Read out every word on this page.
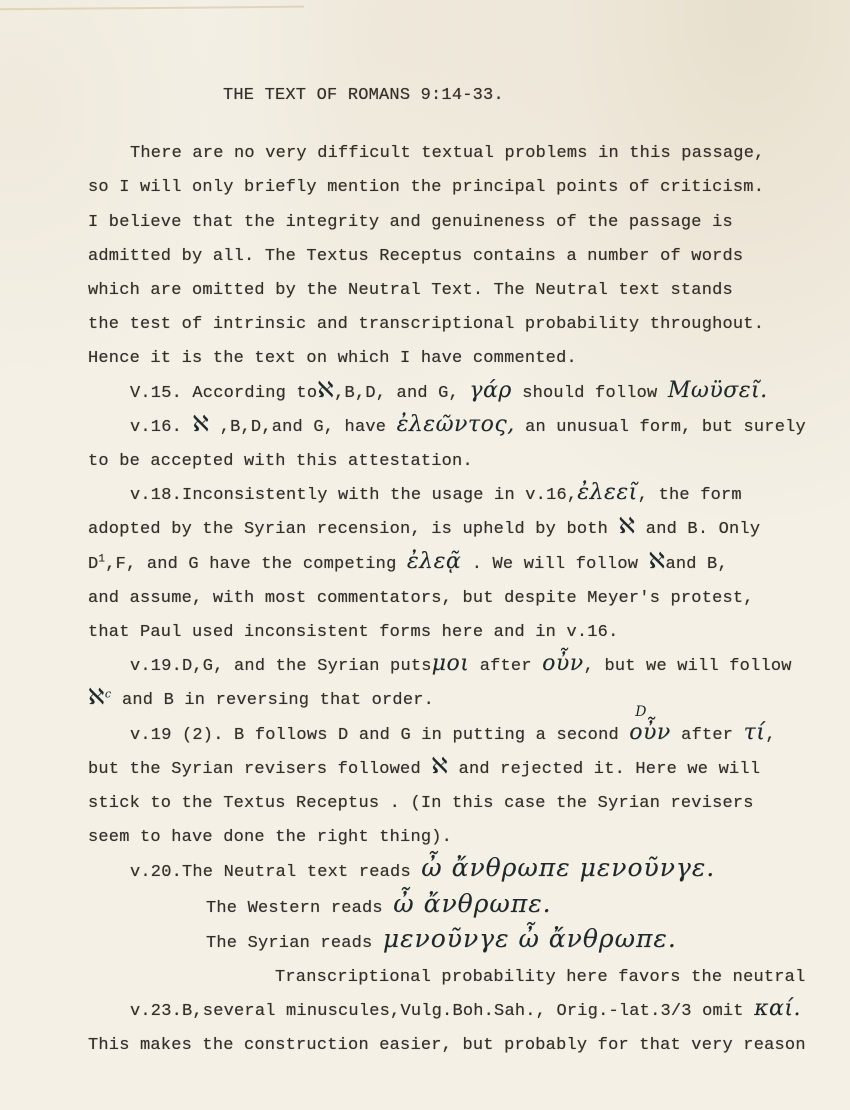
THE TEXT OF ROMANS 9:14-33.
There are no very difficult textual problems in this passage,
so I will only briefly mention the principal points of criticism.
I believe that the integrity and genuineness of the passage is
admitted by all. The Textus Receptus contains a number of words
which are omitted by the Neutral Text. The Neutral text stands
the test of intrinsic and transcriptional probability throughout.
Hence it is the text on which I have commented.
V.15. According toℵ,B,D, and G, γάρ should follow Μωϋσεῖ.
v.16. ℵ ,B,D,and G, have ἐλεῶντος, an unusual form, but surely
to be accepted with this attestation.
v.18.Inconsistently with the usage in v.16,ἐλεεῖ, the form
adopted by the Syrian recension, is upheld by both ℵ and B. Only
$D^1,F$, and G have the competing ἐλεᾷ . We will follow ℵand B,
and assume, with most commentators, but despite Meyer's protest,
that Paul used inconsistent forms here and in v.16.
v.19.D,G, and the Syrian putsμοι after οὖν, but we will follow
ℵ$^c$ and B in reversing that order.
v.19 (2). B follows D and G in putting a second
D
οὖν after τί,
but the Syrian revisers followed ℵ and rejected it. Here we will
stick to the Textus Receptus . (In this case the Syrian revisers
seem to have done the right thing).
v.20.The Neutral text reads ὦ ἄνθρωπε μενοῦνγε.
The Western reads ὦ ἄνθρωπε.
The Syrian reads μενοῦνγε ὦ ἄνθρωπε.
Transcriptional probability here favors the neutral
v.23.B,several minuscules,Vulg.Boh.Sah., Orig.-lat.3/3 omit καί.
This makes the construction easier, but probably for that very reason
